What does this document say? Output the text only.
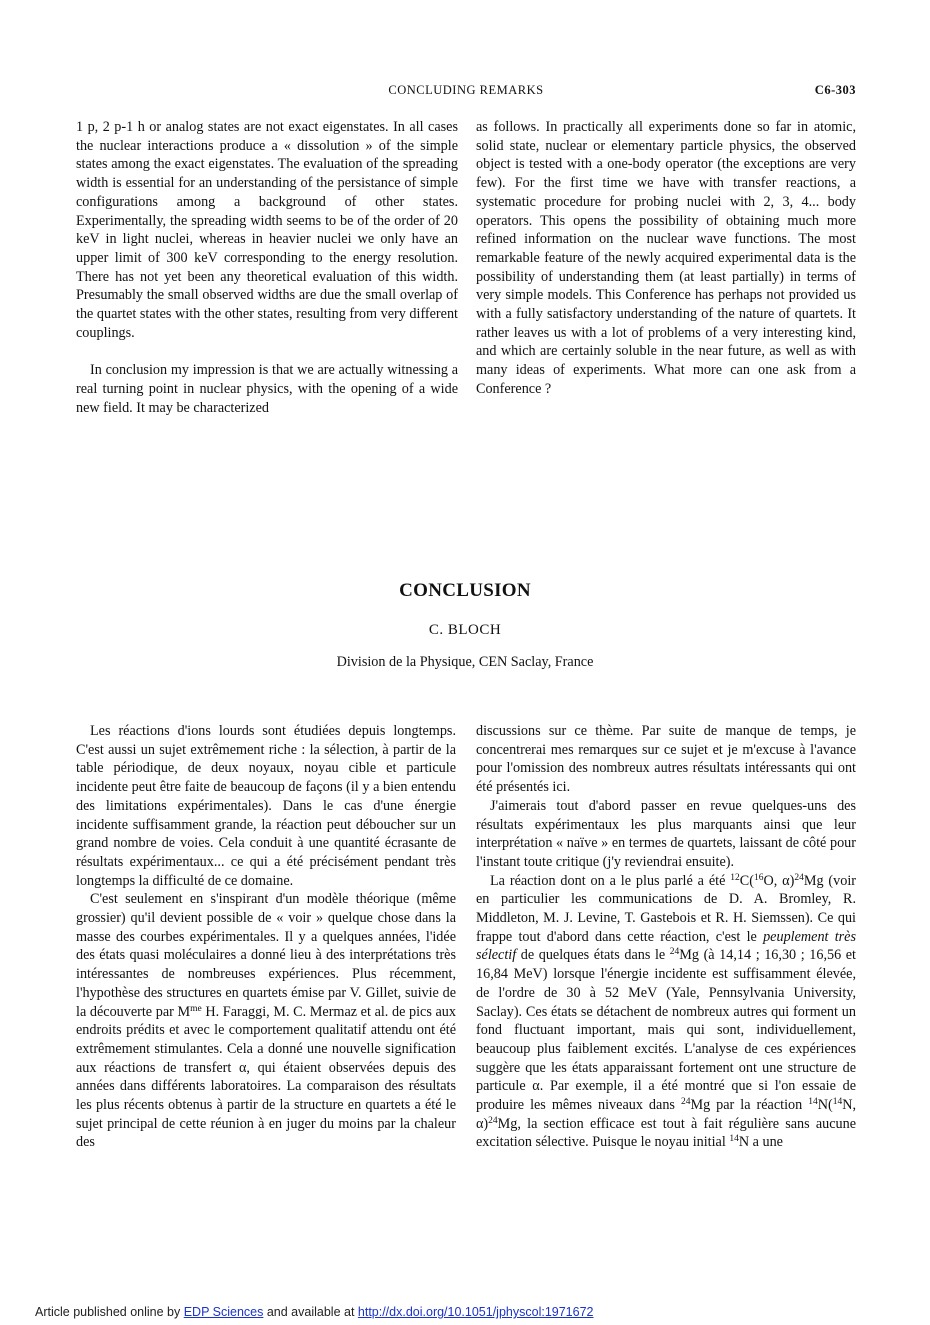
CONCLUDING REMARKS	C6-303

1 p, 2 p-1 h or analog states are not exact eigenstates. In all cases the nuclear interactions produce a « dissolution » of the simple states among the exact eigenstates. The evaluation of the spreading width is essential for an understanding of the persistance of simple configurations among a background of other states. Experimentally, the spreading width seems to be of the order of 20 keV in light nuclei, whereas in heavier nuclei we only have an upper limit of 300 keV corresponding to the energy resolution. There has not yet been any theoretical evaluation of this width. Presumably the small observed widths are due the small overlap of the quartet states with the other states, resulting from very different couplings.

In conclusion my impression is that we are actually witnessing a real turning point in nuclear physics, with the opening of a wide new field. It may be characterized

as follows. In practically all experiments done so far in atomic, solid state, nuclear or elementary particle physics, the observed object is tested with a one-body operator (the exceptions are very few). For the first time we have with transfer reactions, a systematic procedure for probing nuclei with 2, 3, 4... body operators. This opens the possibility of obtaining much more refined information on the nuclear wave functions. The most remarkable feature of the newly acquired experimental data is the possibility of understanding them (at least partially) in terms of very simple models. This Conference has perhaps not provided us with a fully satisfactory understanding of the nature of quartets. It rather leaves us with a lot of problems of a very interesting kind, and which are certainly soluble in the near future, as well as with many ideas of experiments. What more can one ask from a Conference ?

CONCLUSION
C. BLOCH
Division de la Physique, CEN Saclay, France

Les réactions d'ions lourds sont étudiées depuis longtemps. C'est aussi un sujet extrêmement riche : la sélection, à partir de la table périodique, de deux noyaux, noyau cible et particule incidente peut être faite de beaucoup de façons (il y a bien entendu des limitations expérimentales). Dans le cas d'une énergie incidente suffisamment grande, la réaction peut déboucher sur un grand nombre de voies. Cela conduit à une quantité écrasante de résultats expérimentaux... ce qui a été précisément pendant très longtemps la difficulté de ce domaine.

C'est seulement en s'inspirant d'un modèle théorique (même grossier) qu'il devient possible de « voir » quelque chose dans la masse des courbes expérimentales. Il y a quelques années, l'idée des états quasi moléculaires a donné lieu à des interprétations très intéressantes de nombreuses expériences. Plus récemment, l'hypothèse des structures en quartets émise par V. Gillet, suivie de la découverte par $M^{me}$ H. Faraggi, M. C. Mermaz et al. de pics aux endroits prédits et avec le comportement qualitatif attendu ont été extrêmement stimulantes. Cela a donné une nouvelle signification aux réactions de transfert α, qui étaient observées depuis des années dans différents laboratoires. La comparaison des résultats les plus récents obtenus à partir de la structure en quartets a été le sujet principal de cette réunion à en juger du moins par la chaleur des

discussions sur ce thème. Par suite de manque de temps, je concentrerai mes remarques sur ce sujet et je m'excuse à l'avance pour l'omission des nombreux autres résultats intéressants qui ont été présentés ici.

J'aimerais tout d'abord passer en revue quelques-uns des résultats expérimentaux les plus marquants ainsi que leur interprétation « naïve » en termes de quartets, laissant de côté pour l'instant toute critique (j'y reviendrai ensuite).

La réaction dont on a le plus parlé a été $^{12}$C($^{16}$O, α)$^{24}$Mg (voir en particulier les communications de D. A. Bromley, R. Middleton, M. J. Levine, T. Gastebois et R. H. Siemssen). Ce qui frappe tout d'abord dans cette réaction, c'est le peuplement très sélectif de quelques états dans le $^{24}$Mg (à 14,14 ; 16,30 ; 16,56 et 16,84 MeV) lorsque l'énergie incidente est suffisamment élevée, de l'ordre de 30 à 52 MeV (Yale, Pennsylvania University, Saclay). Ces états se détachent de nombreux autres qui forment un fond fluctuant important, mais qui sont, individuellement, beaucoup plus faiblement excités. L'analyse de ces expériences suggère que les états apparaissant fortement ont une structure de particule α. Par exemple, il a été montré que si l'on essaie de produire les mêmes niveaux dans $^{24}$Mg par la réaction $^{14}$N($^{14}$N, α)$^{24}$Mg, la section efficace est tout à fait régulière sans aucune excitation sélective. Puisque le noyau initial $^{14}$N a une

Article published online by EDP Sciences and available at http://dx.doi.org/10.1051/jphyscol:1971672
